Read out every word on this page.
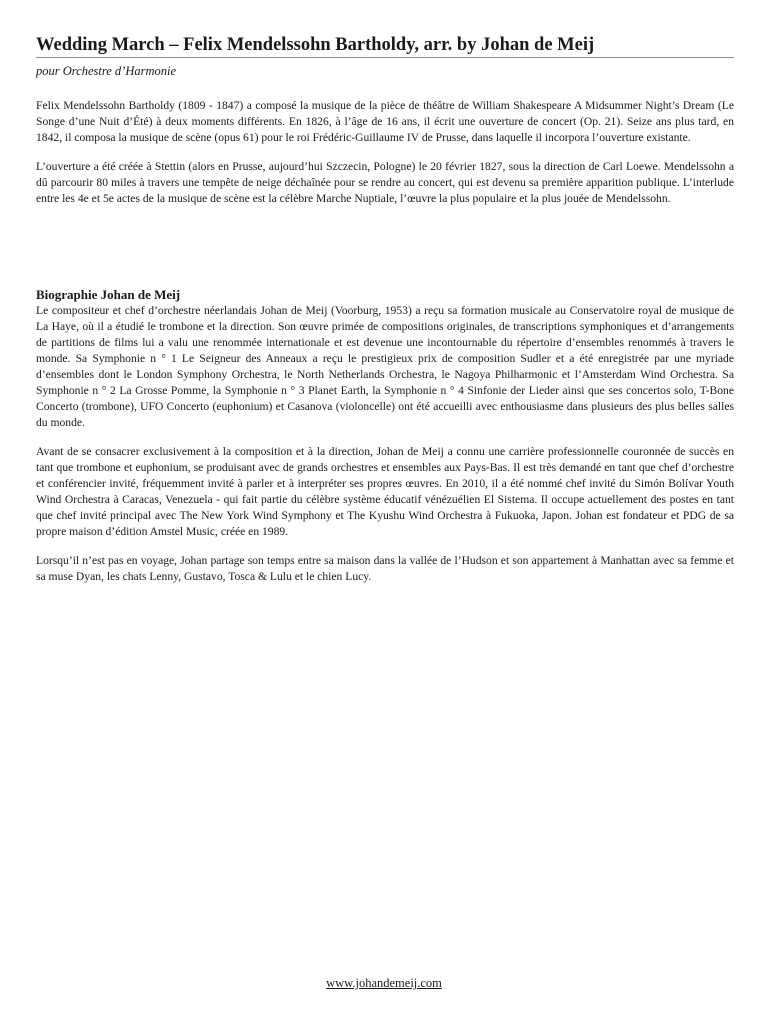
Wedding March – Felix Mendelssohn Bartholdy, arr. by Johan de Meij

pour Orchestre d’Harmonie

Felix Mendelssohn Bartholdy (1809 - 1847) a composé la musique de la pièce de théâtre de William Shakespeare A Midsummer Night’s Dream (Le Songe d’une Nuit d’Été) à deux moments différents. En 1826, à l’âge de 16 ans, il écrit une ouverture de concert (Op. 21). Seize ans plus tard, en 1842, il composa la musique de scène (opus 61) pour le roi Frédéric-Guillaume IV de Prusse, dans laquelle il incorpora l’ouverture existante.

L’ouverture a été créée à Stettin (alors en Prusse, aujourd’hui Szczecin, Pologne) le 20 février 1827, sous la direction de Carl Loewe. Mendelssohn a dû parcourir 80 miles à travers une tempête de neige déchaînée pour se rendre au concert, qui est devenu sa première apparition publique. L’interlude entre les 4e et 5e actes de la musique de scène est la célèbre Marche Nuptiale, l’œuvre la plus populaire et la plus jouée de Mendelssohn.

Biographie Johan de Meij

Le compositeur et chef d’orchestre néerlandais Johan de Meij (Voorburg, 1953) a reçu sa formation musicale au Conservatoire royal de musique de La Haye, où il a étudié le trombone et la direction. Son œuvre primée de compositions originales, de transcriptions symphoniques et d’arrangements de partitions de films lui a valu une renommée internationale et est devenue une incontournable du répertoire d’ensembles renommés à travers le monde. Sa Symphonie n ° 1 Le Seigneur des Anneaux a reçu le prestigieux prix de composition Sudler et a été enregistrée par une myriade d’ensembles dont le London Symphony Orchestra, le North Netherlands Orchestra, le Nagoya Philharmonic et l’Amsterdam Wind Orchestra. Sa Symphonie n ° 2 La Grosse Pomme, la Symphonie n ° 3 Planet Earth, la Symphonie n ° 4 Sinfonie der Lieder ainsi que ses concertos solo, T-Bone Concerto (trombone), UFO Concerto (euphonium) et Casanova (violoncelle) ont été accueilli avec enthousiasme dans plusieurs des plus belles salles du monde.

Avant de se consacrer exclusivement à la composition et à la direction, Johan de Meij a connu une carrière professionnelle couronnée de succès en tant que trombone et euphonium, se produisant avec de grands orchestres et ensembles aux Pays-Bas. Il est très demandé en tant que chef d’orchestre et conférencier invité, fréquemment invité à parler et à interpréter ses propres œuvres. En 2010, il a été nommé chef invité du Simón Bolívar Youth Wind Orchestra à Caracas, Venezuela - qui fait partie du célèbre système éducatif vénézuélien El Sistema. Il occupe actuellement des postes en tant que chef invité principal avec The New York Wind Symphony et The Kyushu Wind Orchestra à Fukuoka, Japon. Johan est fondateur et PDG de sa propre maison d’édition Amstel Music, créée en 1989.

Lorsqu’il n’est pas en voyage, Johan partage son temps entre sa maison dans la vallée de l’Hudson et son appartement à Manhattan avec sa femme et sa muse Dyan, les chats Lenny, Gustavo, Tosca & Lulu et le chien Lucy.

www.johandemeij.com
